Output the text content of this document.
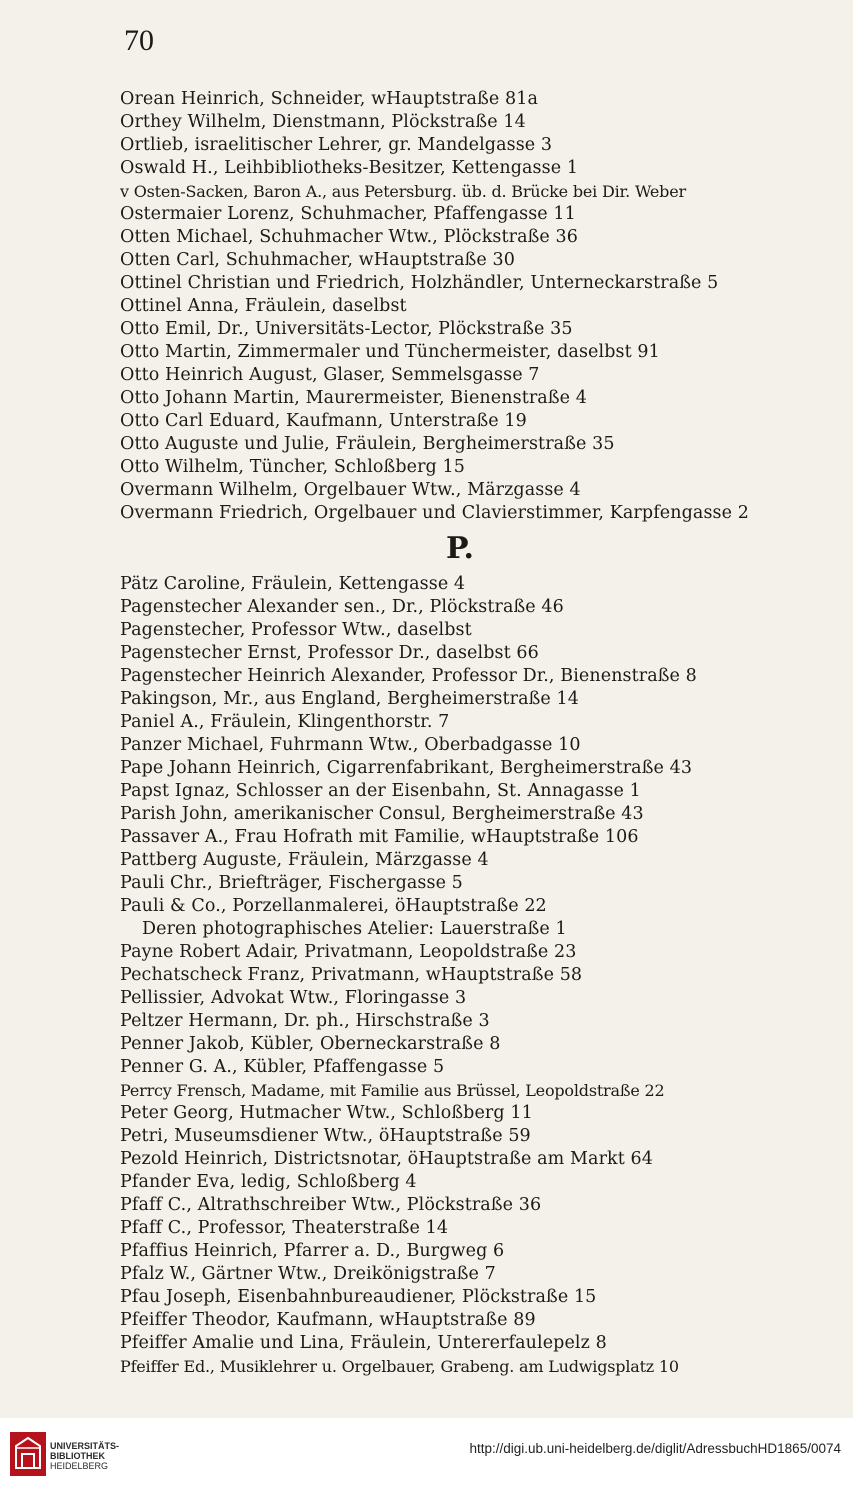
70
Orean Heinrich, Schneider, wHauptstraße 81a
Orthey Wilhelm, Dienstmann, Plöckstraße 14
Ortlieb, israelitischer Lehrer, gr. Mandelgasse 3
Oswald H., Leihbibliotheks-Besitzer, Kettengasse 1
v Osten-Sacken, Baron A., aus Petersburg. üb. d. Brücke bei Dir. Weber
Ostermaier Lorenz, Schuhmacher, Pfaffengasse 11
Otten Michael, Schuhmacher Wtw., Plöckstraße 36
Otten Carl, Schuhmacher, wHauptstraße 30
Ottinel Christian und Friedrich, Holzhändler, Unterneckarstraße 5
Ottinel Anna, Fräulein, daselbst
Otto Emil, Dr., Universitäts-Lector, Plöckstraße 35
Otto Martin, Zimmermaler und Tünchermeister, daselbst 91
Otto Heinrich August, Glaser, Semmelsgasse 7
Otto Johann Martin, Maurermeister, Bienenstraße 4
Otto Carl Eduard, Kaufmann, Unterstraße 19
Otto Auguste und Julie, Fräulein, Bergheimerstraße 35
Otto Wilhelm, Tüncher, Schloßberg 15
Overmann Wilhelm, Orgelbauer Wtw., Märzgasse 4
Overmann Friedrich, Orgelbauer und Clavierstimmer, Karpfengasse 2
P.
Pätz Caroline, Fräulein, Kettengasse 4
Pagenstecher Alexander sen., Dr., Plöckstraße 46
Pagenstecher, Professor Wtw., daselbst
Pagenstecher Ernst, Professor Dr., daselbst 66
Pagenstecher Heinrich Alexander, Professor Dr., Bienenstraße 8
Pakingson, Mr., aus England, Bergheimerstraße 14
Paniel A., Fräulein, Klingenthorstr. 7
Panzer Michael, Fuhrmann Wtw., Oberbadgasse 10
Pape Johann Heinrich, Cigarrenfabrikant, Bergheimerstraße 43
Papst Ignaz, Schlosser an der Eisenbahn, St. Annagasse 1
Parish John, amerikanischer Consul, Bergheimerstraße 43
Passaver A., Frau Hofrath mit Familie, wHauptstraße 106
Pattberg Auguste, Fräulein, Märzgasse 4
Pauli Chr., Briefträger, Fischergasse 5
Pauli & Co., Porzellanmalerei, öHauptstraße 22
Deren photographisches Atelier: Lauerstraße 1
Payne Robert Adair, Privatmann, Leopoldstraße 23
Pechatscheck Franz, Privatmann, wHauptstraße 58
Pellissier, Advokat Wtw., Floringasse 3
Peltzer Hermann, Dr. ph., Hirschstraße 3
Penner Jakob, Kübler, Oberneckarstraße 8
Penner G. A., Kübler, Pfaffengasse 5
Perrcy Frensch, Madame, mit Familie aus Brüssel, Leopoldstraße 22
Peter Georg, Hutmacher Wtw., Schloßberg 11
Petri, Museumsdiener Wtw., öHauptstraße 59
Pezold Heinrich, Districtsnotar, öHauptstraße am Markt 64
Pfander Eva, ledig, Schloßberg 4
Pfaff C., Altrathschreiber Wtw., Plöckstraße 36
Pfaff C., Professor, Theaterstraße 14
Pfaffius Heinrich, Pfarrer a. D., Burgweg 6
Pfalz W., Gärtner Wtw., Dreikönigstraße 7
Pfau Joseph, Eisenbahnbureaudiener, Plöckstraße 15
Pfeiffer Theodor, Kaufmann, wHauptstraße 89
Pfeiffer Amalie und Lina, Fräulein, Untererfaulepelz 8
Pfeiffer Ed., Musiklehrer u. Orgelbauer, Grabeng. am Ludwigsplatz 10
UNIVERSITÄTS-
BIBLIOTHEK
HEIDELBERG
http://digi.ub.uni-heidelberg.de/diglit/AdressbuchHD1865/0074
